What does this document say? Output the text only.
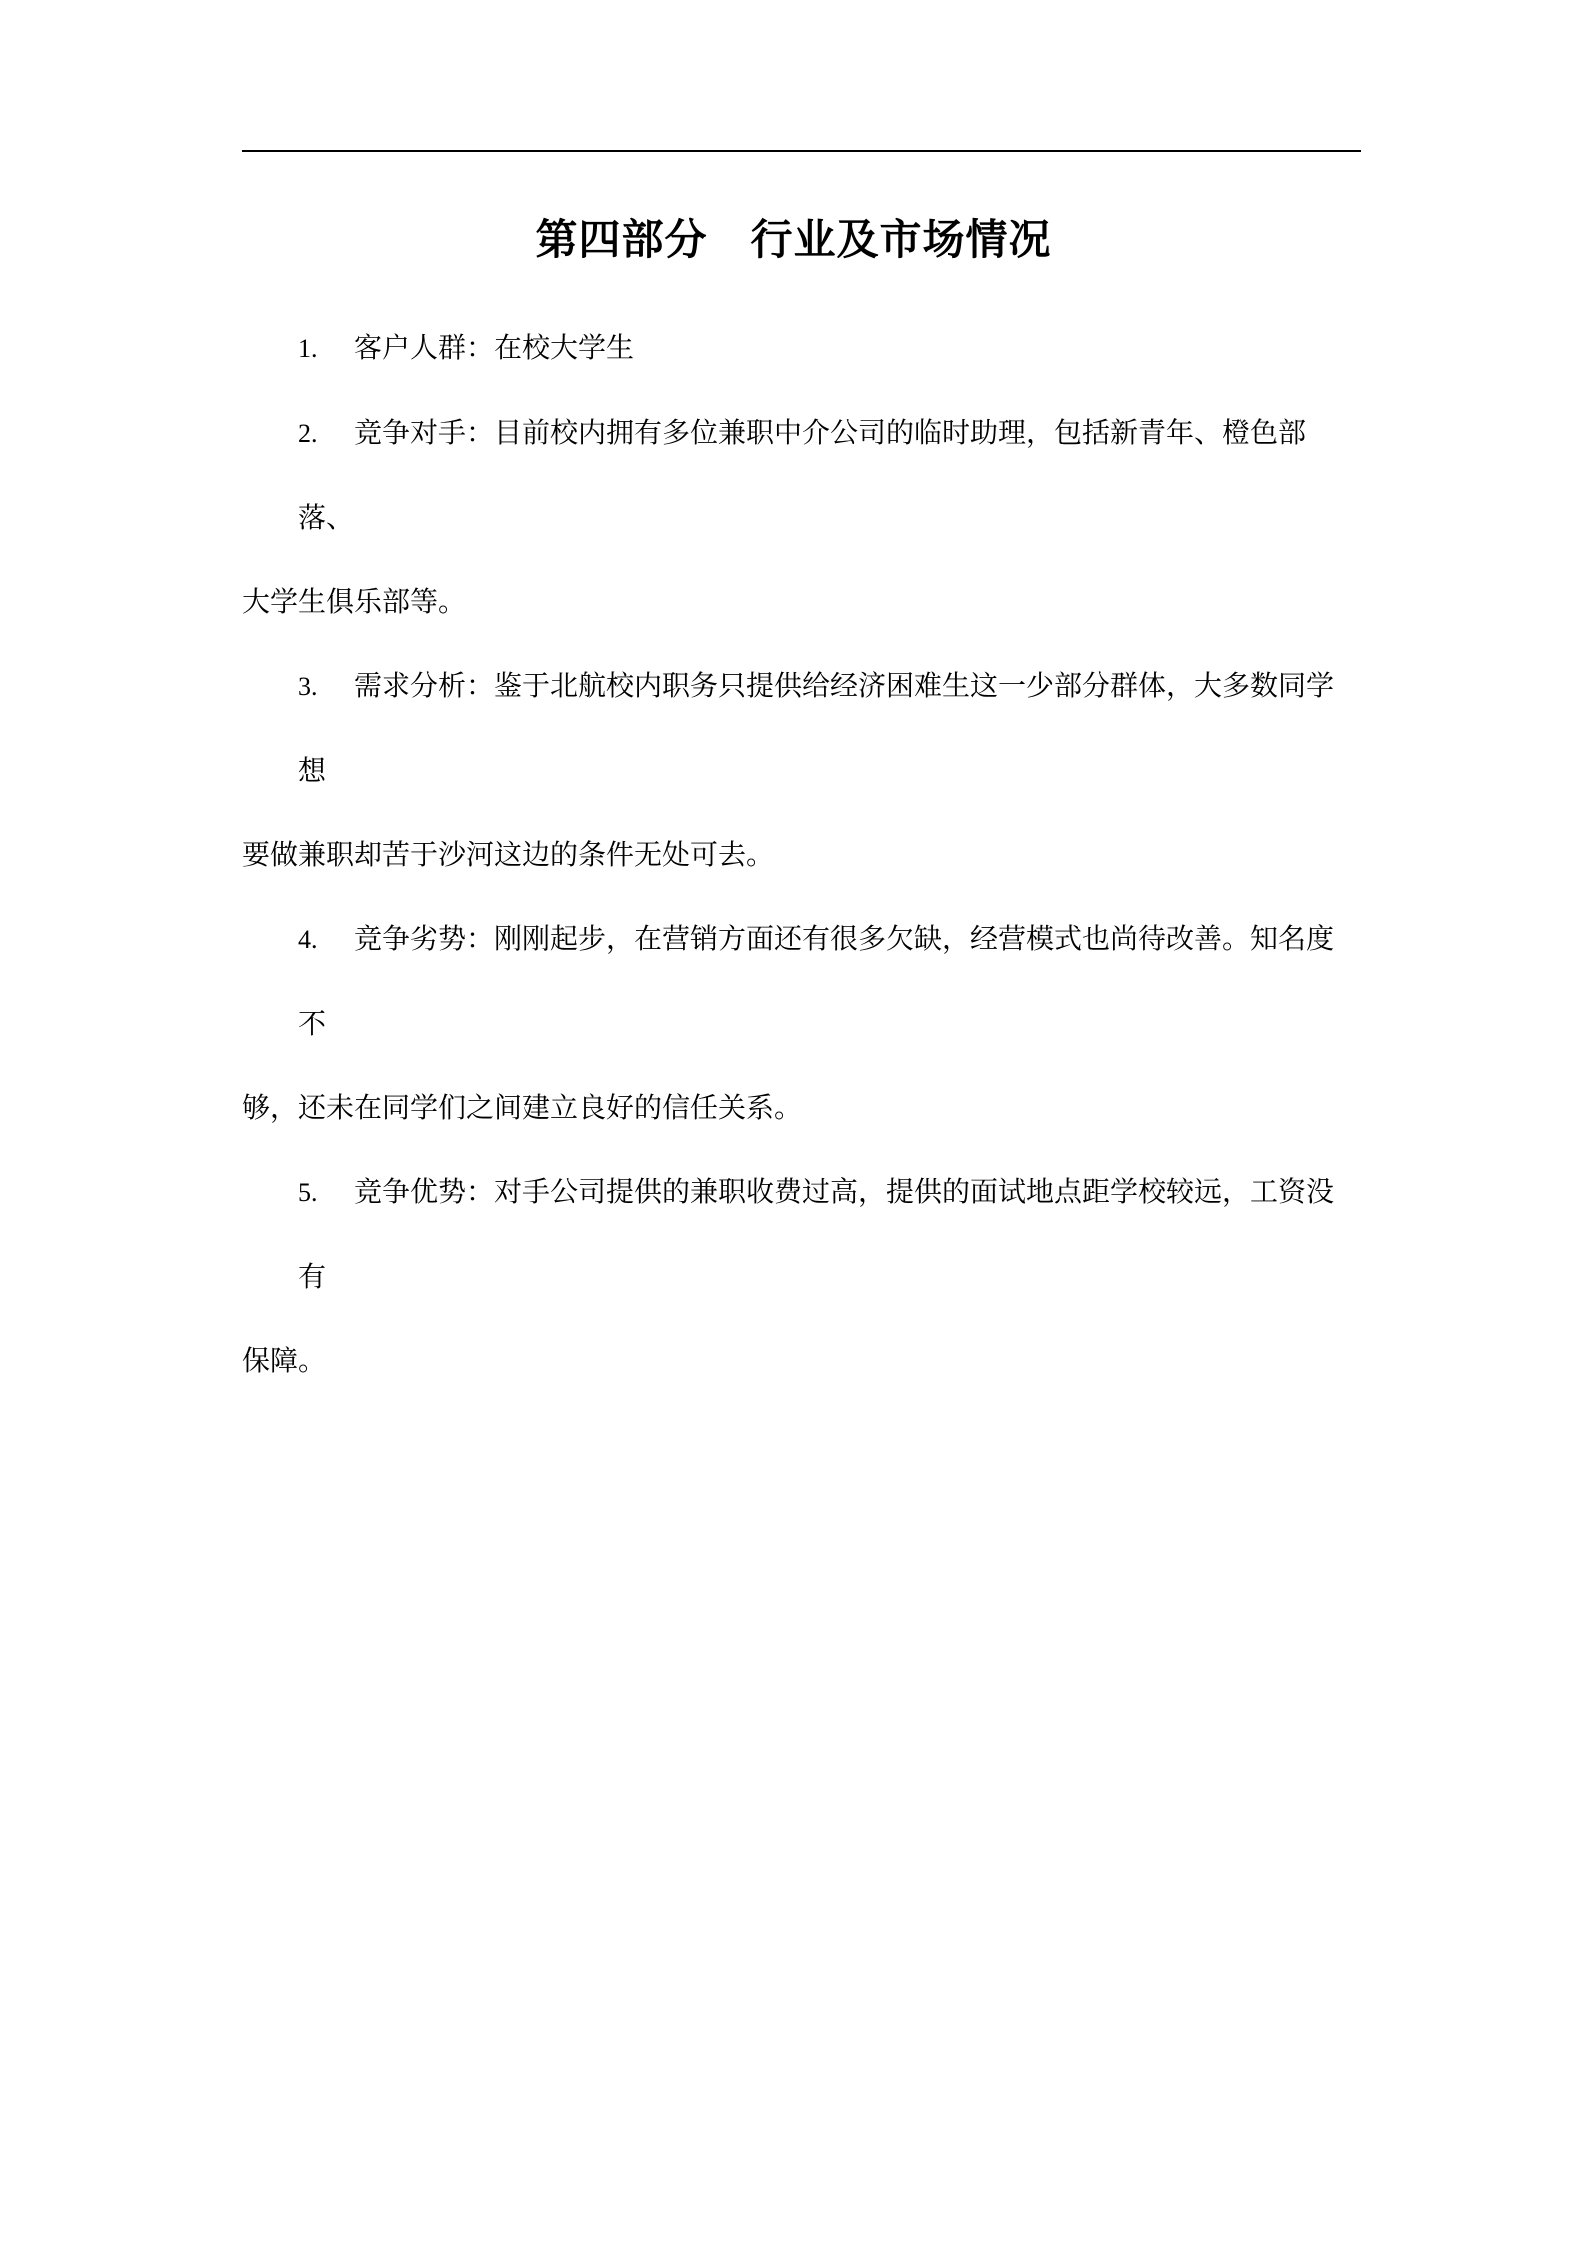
第四部分　行业及市场情况
1. 客户人群：在校大学生
2. 竞争对手：目前校内拥有多位兼职中介公司的临时助理，包括新青年、橙色部落、
大学生俱乐部等。
3. 需求分析：鉴于北航校内职务只提供给经济困难生这一少部分群体，大多数同学想
要做兼职却苦于沙河这边的条件无处可去。
4. 竞争劣势：刚刚起步，在营销方面还有很多欠缺，经营模式也尚待改善。知名度不
够，还未在同学们之间建立良好的信任关系。
5. 竞争优势：对手公司提供的兼职收费过高，提供的面试地点距学校较远，工资没有
保障。
